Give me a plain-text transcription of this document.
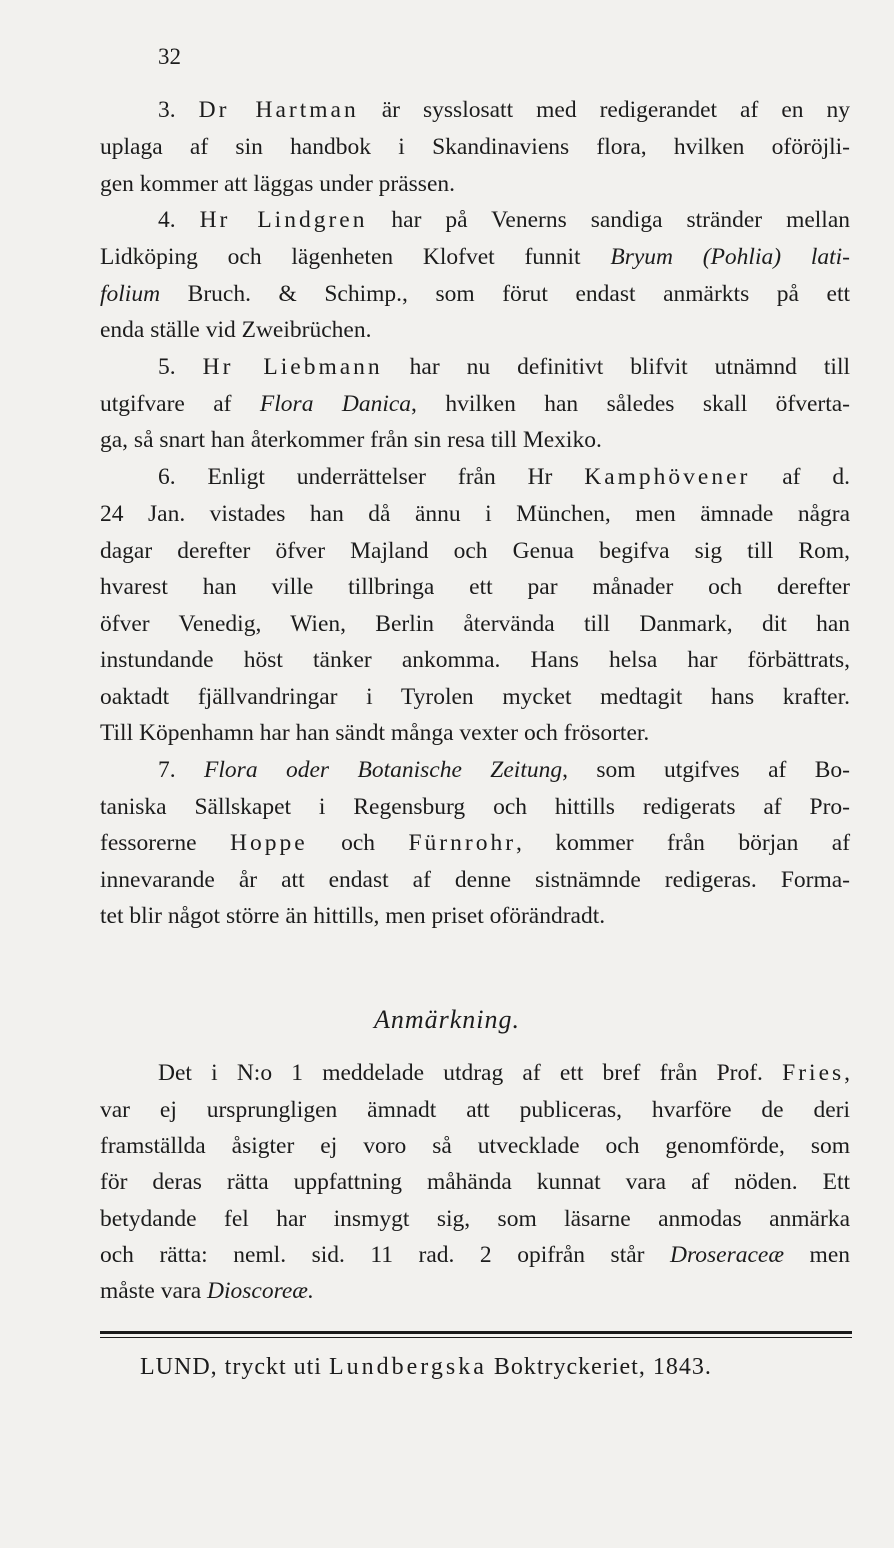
32
3. Dr Hartman är sysslosatt med redigerandet af en ny
uplaga af sin handbok i Skandinaviens flora, hvilken oföröjli-
gen kommer att läggas under prässen.
4. Hr Lindgren har på Venerns sandiga stränder mellan
Lidköping och lägenheten Klofvet funnit Bryum (Pohlia) lati-
folium Bruch. & Schimp., som förut endast anmärkts på ett
enda ställe vid Zweibrüchen.
5. Hr Liebmann har nu definitivt blifvit utnämnd till
utgifvare af Flora Danica, hvilken han således skall öfverta-
ga, så snart han återkommer från sin resa till Mexiko.
6. Enligt underrättelser från Hr Kamphövener af d.
24 Jan. vistades han då ännu i München, men ämnade några
dagar derefter öfver Majland och Genua begifva sig till Rom,
hvarest han ville tillbringa ett par månader och derefter
öfver Venedig, Wien, Berlin återvända till Danmark, dit han
instundande höst tänker ankomma. Hans helsa har förbättrats,
oaktadt fjällvandringar i Tyrolen mycket medtagit hans krafter.
Till Köpenhamn har han sändt många vexter och frösorter.
7. Flora oder Botanische Zeitung, som utgifves af Bo-
taniska Sällskapet i Regensburg och hittills redigerats af Pro-
fessorerne Hoppe och Fürnrohr, kommer från början af
innevarande år att endast af denne sistnämnde redigeras. Forma-
tet blir något större än hittills, men priset oförändradt.
Anmärkning.
Det i N:o 1 meddelade utdrag af ett bref från Prof. Fries,
var ej ursprungligen ämnadt att publiceras, hvarföre de deri
framställda åsigter ej voro så utvecklade och genomförde, som
för deras rätta uppfattning måhända kunnat vara af nöden. Ett
betydande fel har insmygt sig, som läsarne anmodas anmärka
och rätta: neml. sid. 11 rad. 2 opifrån står Droseraceæ men
måste vara Dioscoreæ.
LUND, tryckt uti Lundbergska Boktryckeriet, 1843.
